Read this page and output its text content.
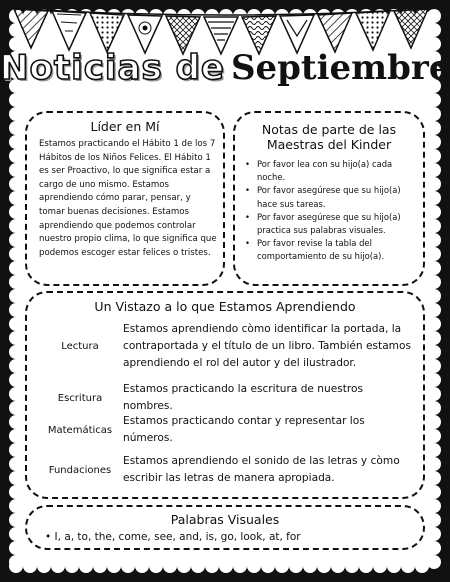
Noticias de Septiembre
Líder en Mí
Estamos practicando el Hábito 1 de los 7 Hábitos de los Niños Felices. El Hábito 1 es ser Proactivo, lo que significa estar a cargo de uno mismo. Estamos aprendiendo cómo parar, pensar, y tomar buenas decisiones. Estamos aprendiendo que podemos controlar nuestro propio clima, lo que significa que podemos escoger estar felices o tristes.
Notas de parte de las
Maestras del Kinder
• Por favor lea con su hijo(a) cada noche.
• Por favor asegúrese que su hijo(a) hace sus tareas.
• Por favor asegúrese que su hijo(a) practica sus palabras visuales.
• Por favor revise la tabla del comportamiento de su hijo(a).
Un Vistazo a lo que Estamos Aprendiendo
Lectura
Estamos aprendiendo còmo identificar la portada, la contraportada y el título de un libro. También estamos aprendiendo el rol del autor y del ilustrador.
Escritura
Estamos practicando la escritura de nuestros nombres.
Matemáticas
Estamos practicando contar y representar los números.
Fundaciones
Estamos aprendiendo el sonido de las letras y còmo escribir las letras de manera apropiada.
Palabras Visuales
• I, a, to, the, come, see, and, is, go, look, at, for
